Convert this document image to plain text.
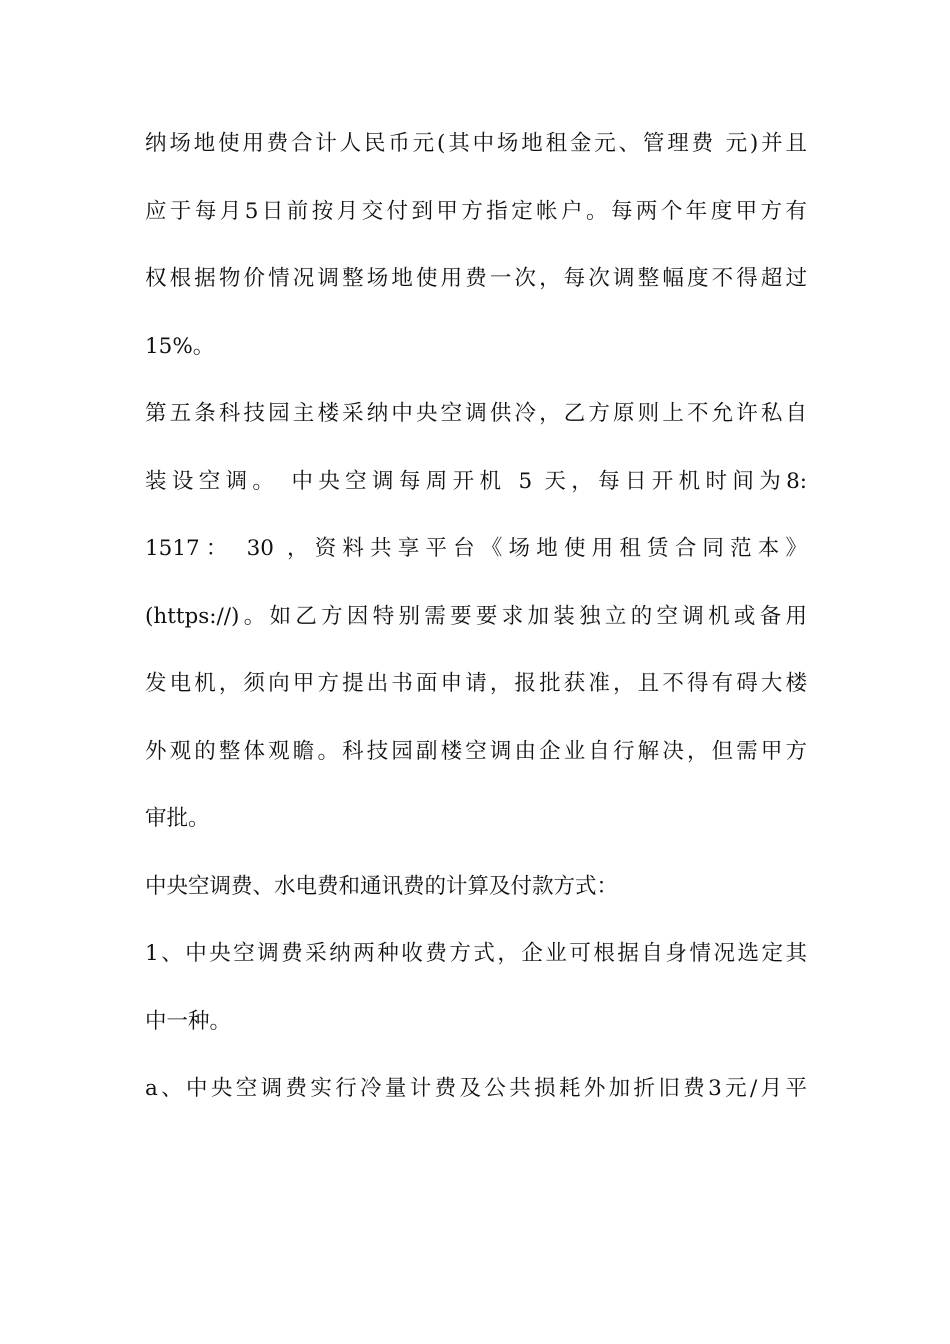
纳场地使用费合计人民币元(其中场地租金元、管理费 元)并且
应于每月5日前按月交付到甲方指定帐户。每两个年度甲方有
权根据物价情况调整场地使用费一次，每次调整幅度不得超过
15%。
第五条科技园主楼采纳中央空调供冷，乙方原则上不允许私自
装设空调。 中央空调每周开机 5 天，每日开机时间为8:
1517： 30 ，资料共享平台《场地使用租赁合同范本》
(https://)。如乙方因特别需要要求加装独立的空调机或备用
发电机，须向甲方提出书面申请，报批获准，且不得有碍大楼
外观的整体观瞻。科技园副楼空调由企业自行解决，但需甲方
审批。
中央空调费、水电费和通讯费的计算及付款方式：
1、中央空调费采纳两种收费方式，企业可根据自身情况选定其
中一种。
a、中央空调费实行冷量计费及公共损耗外加折旧费3元/月平
